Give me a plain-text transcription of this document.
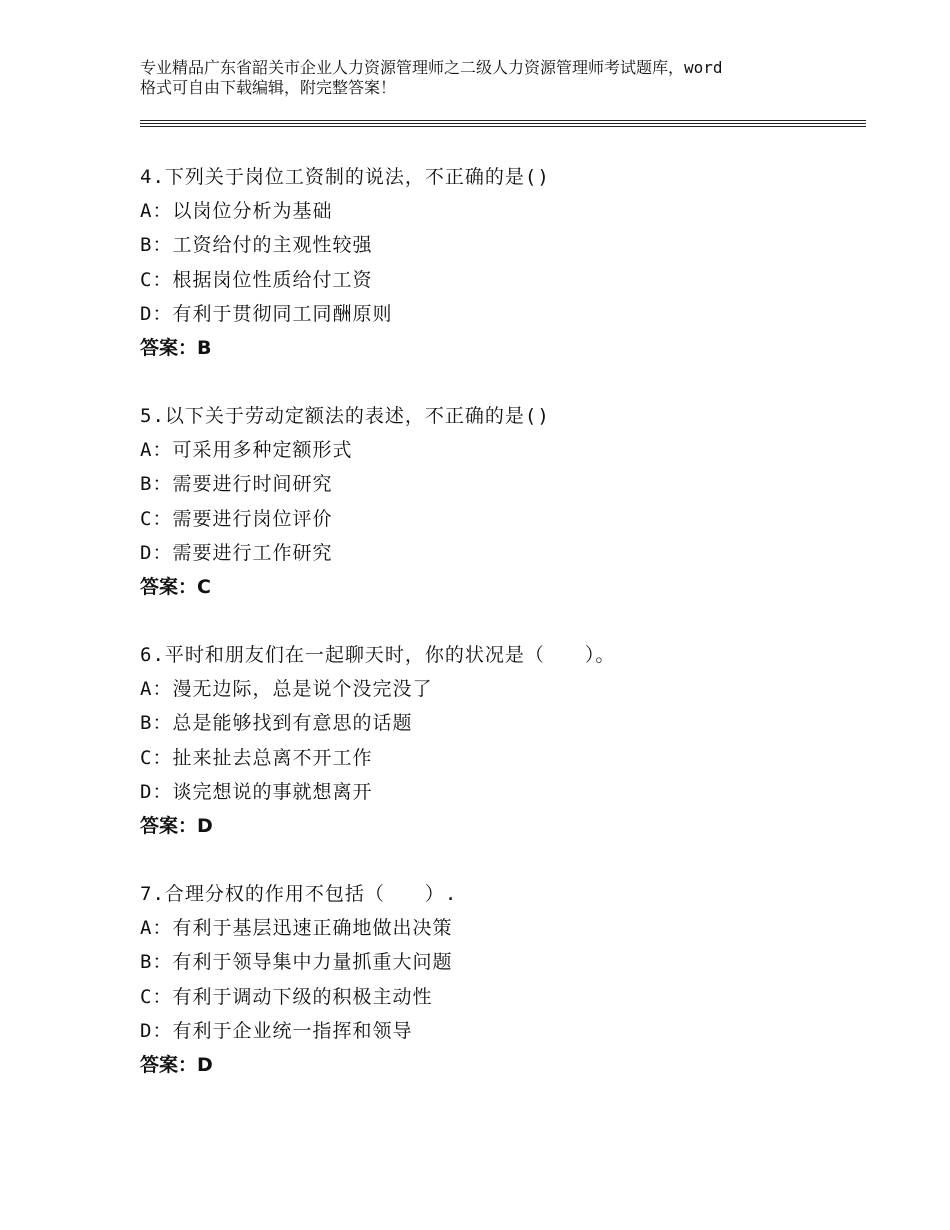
专业精品广东省韶关市企业人力资源管理师之二级人力资源管理师考试题库，word
格式可自由下载编辑，附完整答案！
4.下列关于岗位工资制的说法，不正确的是()
A：以岗位分析为基础
B：工资给付的主观性较强
C：根据岗位性质给付工资
D：有利于贯彻同工同酬原则
答案：B
5.以下关于劳动定额法的表述，不正确的是()
A：可采用多种定额形式
B：需要进行时间研究
C：需要进行岗位评价
D：需要进行工作研究
答案：C
6.平时和朋友们在一起聊天时，你的状况是（　　）。
A：漫无边际，总是说个没完没了
B：总是能够找到有意思的话题
C：扯来扯去总离不开工作
D：谈完想说的事就想离开
答案：D
7.合理分权的作用不包括（　　）.
A：有利于基层迅速正确地做出决策
B：有利于领导集中力量抓重大问题
C：有利于调动下级的积极主动性
D：有利于企业统一指挥和领导
答案：D
